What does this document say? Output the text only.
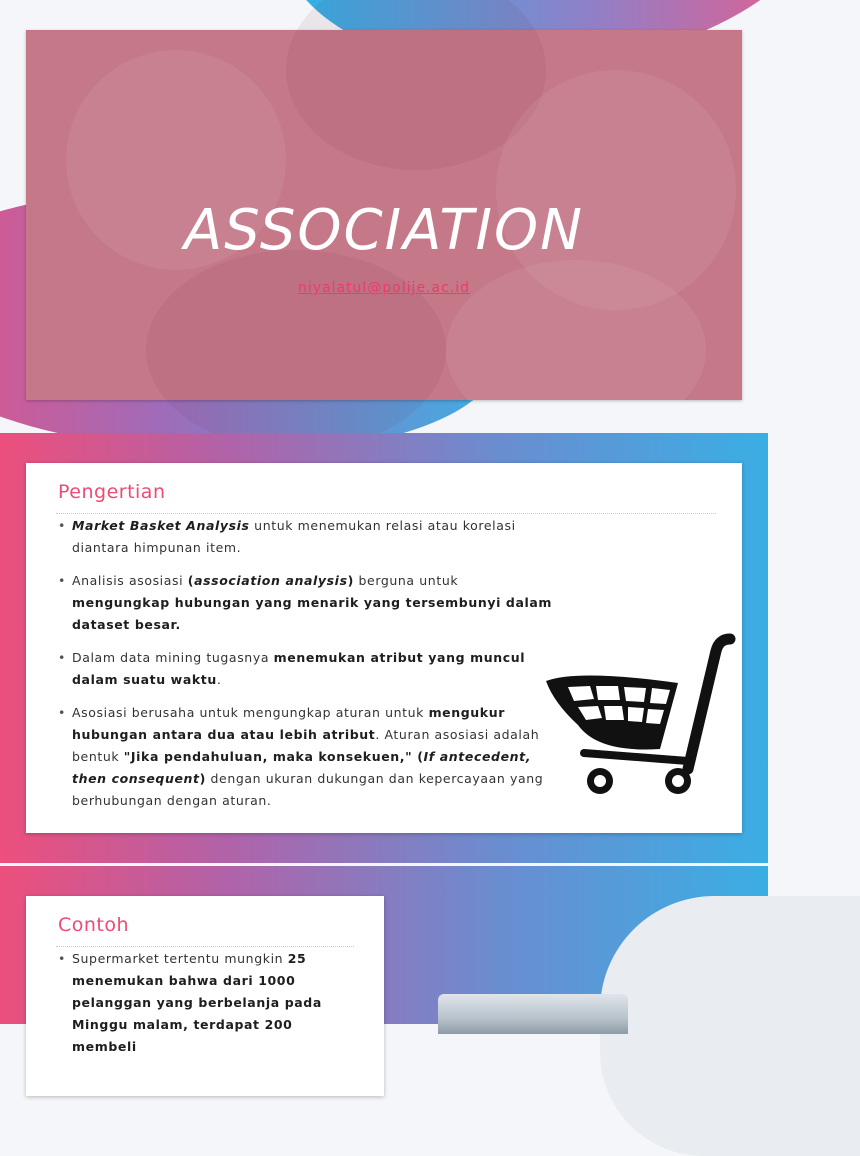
ASSOCIATION
niyalatul@polije.ac.id
Pengertian
• Market Basket Analysis untuk menemukan relasi atau korelasi diantara himpunan item.
• Analisis asosiasi (association analysis) berguna untuk mengungkap hubungan yang menarik yang tersembunyi dalam dataset besar.
• Dalam data mining tugasnya menemukan atribut yang muncul dalam suatu waktu.
• Asosiasi berusaha untuk mengungkap aturan untuk mengukur hubungan antara dua atau lebih atribut. Aturan asosiasi adalah bentuk "Jika pendahuluan, maka konsekuen," (If antecedent, then consequent) dengan ukuran dukungan dan kepercayaan yang berhubungan dengan aturan.
Contoh
• Supermarket tertentu mungkin 25 menemukan bahwa dari 1000 pelanggan yang berbelanja pada Minggu malam, terdapat 200 membeli
